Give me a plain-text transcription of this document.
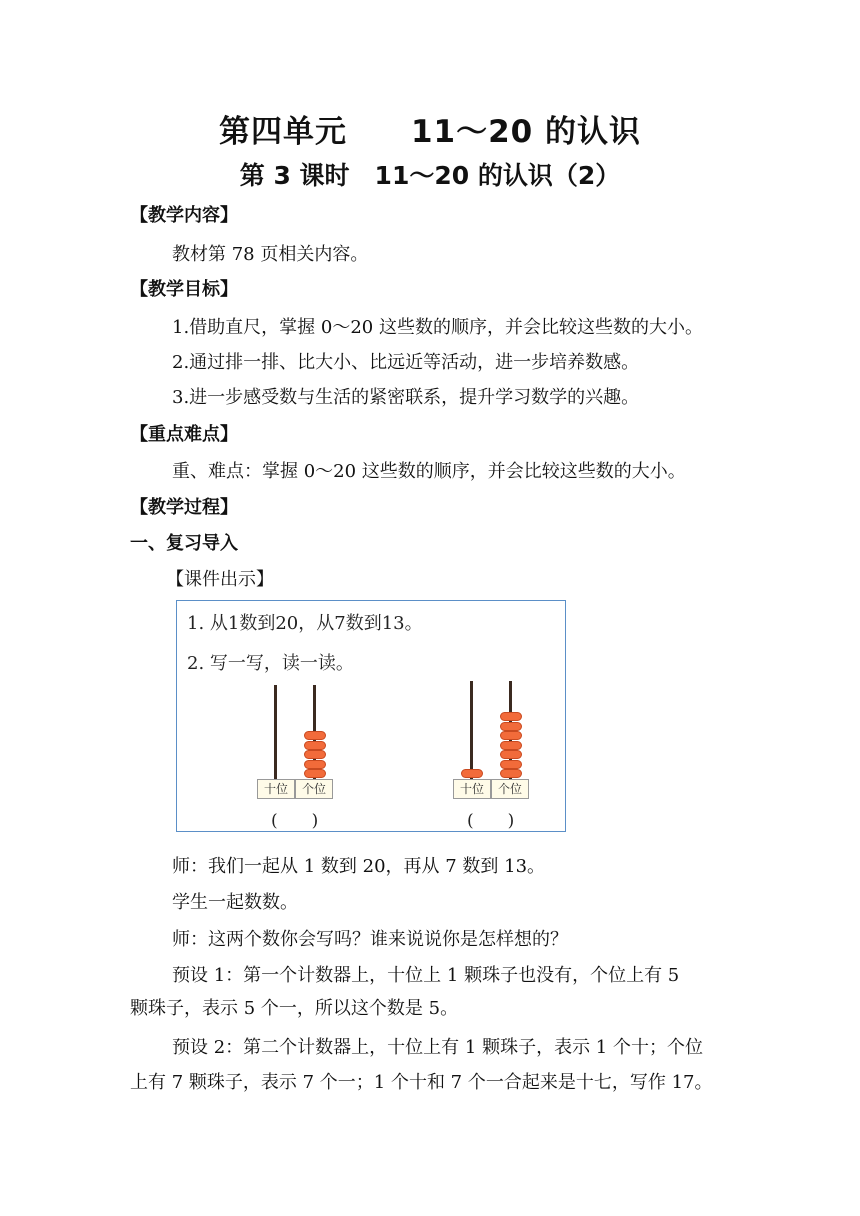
第四单元　　11～20 的认识
第 3 课时　11～20 的认识（2）
【教学内容】
教材第 78 页相关内容。
【教学目标】
1.借助直尺，掌握 0～20 这些数的顺序，并会比较这些数的大小。
2.通过排一排、比大小、比远近等活动，进一步培养数感。
3.进一步感受数与生活的紧密联系，提升学习数学的兴趣。
【重点难点】
重、难点：掌握 0～20 这些数的顺序，并会比较这些数的大小。
【教学过程】
一、复习导入
【课件出示】
1. 从1数到20，从7数到13。
2. 写一写，读一读。
十位	个位
(　　)
十位	个位
(　　)
师：我们一起从 1 数到 20，再从 7 数到 13。
学生一起数数。
师：这两个数你会写吗？谁来说说你是怎样想的？
预设 1：第一个计数器上，十位上 1 颗珠子也没有，个位上有 5
颗珠子，表示 5 个一，所以这个数是 5。
预设 2：第二个计数器上，十位上有 1 颗珠子，表示 1 个十；个位
上有 7 颗珠子，表示 7 个一；1 个十和 7 个一合起来是十七，写作 17。
